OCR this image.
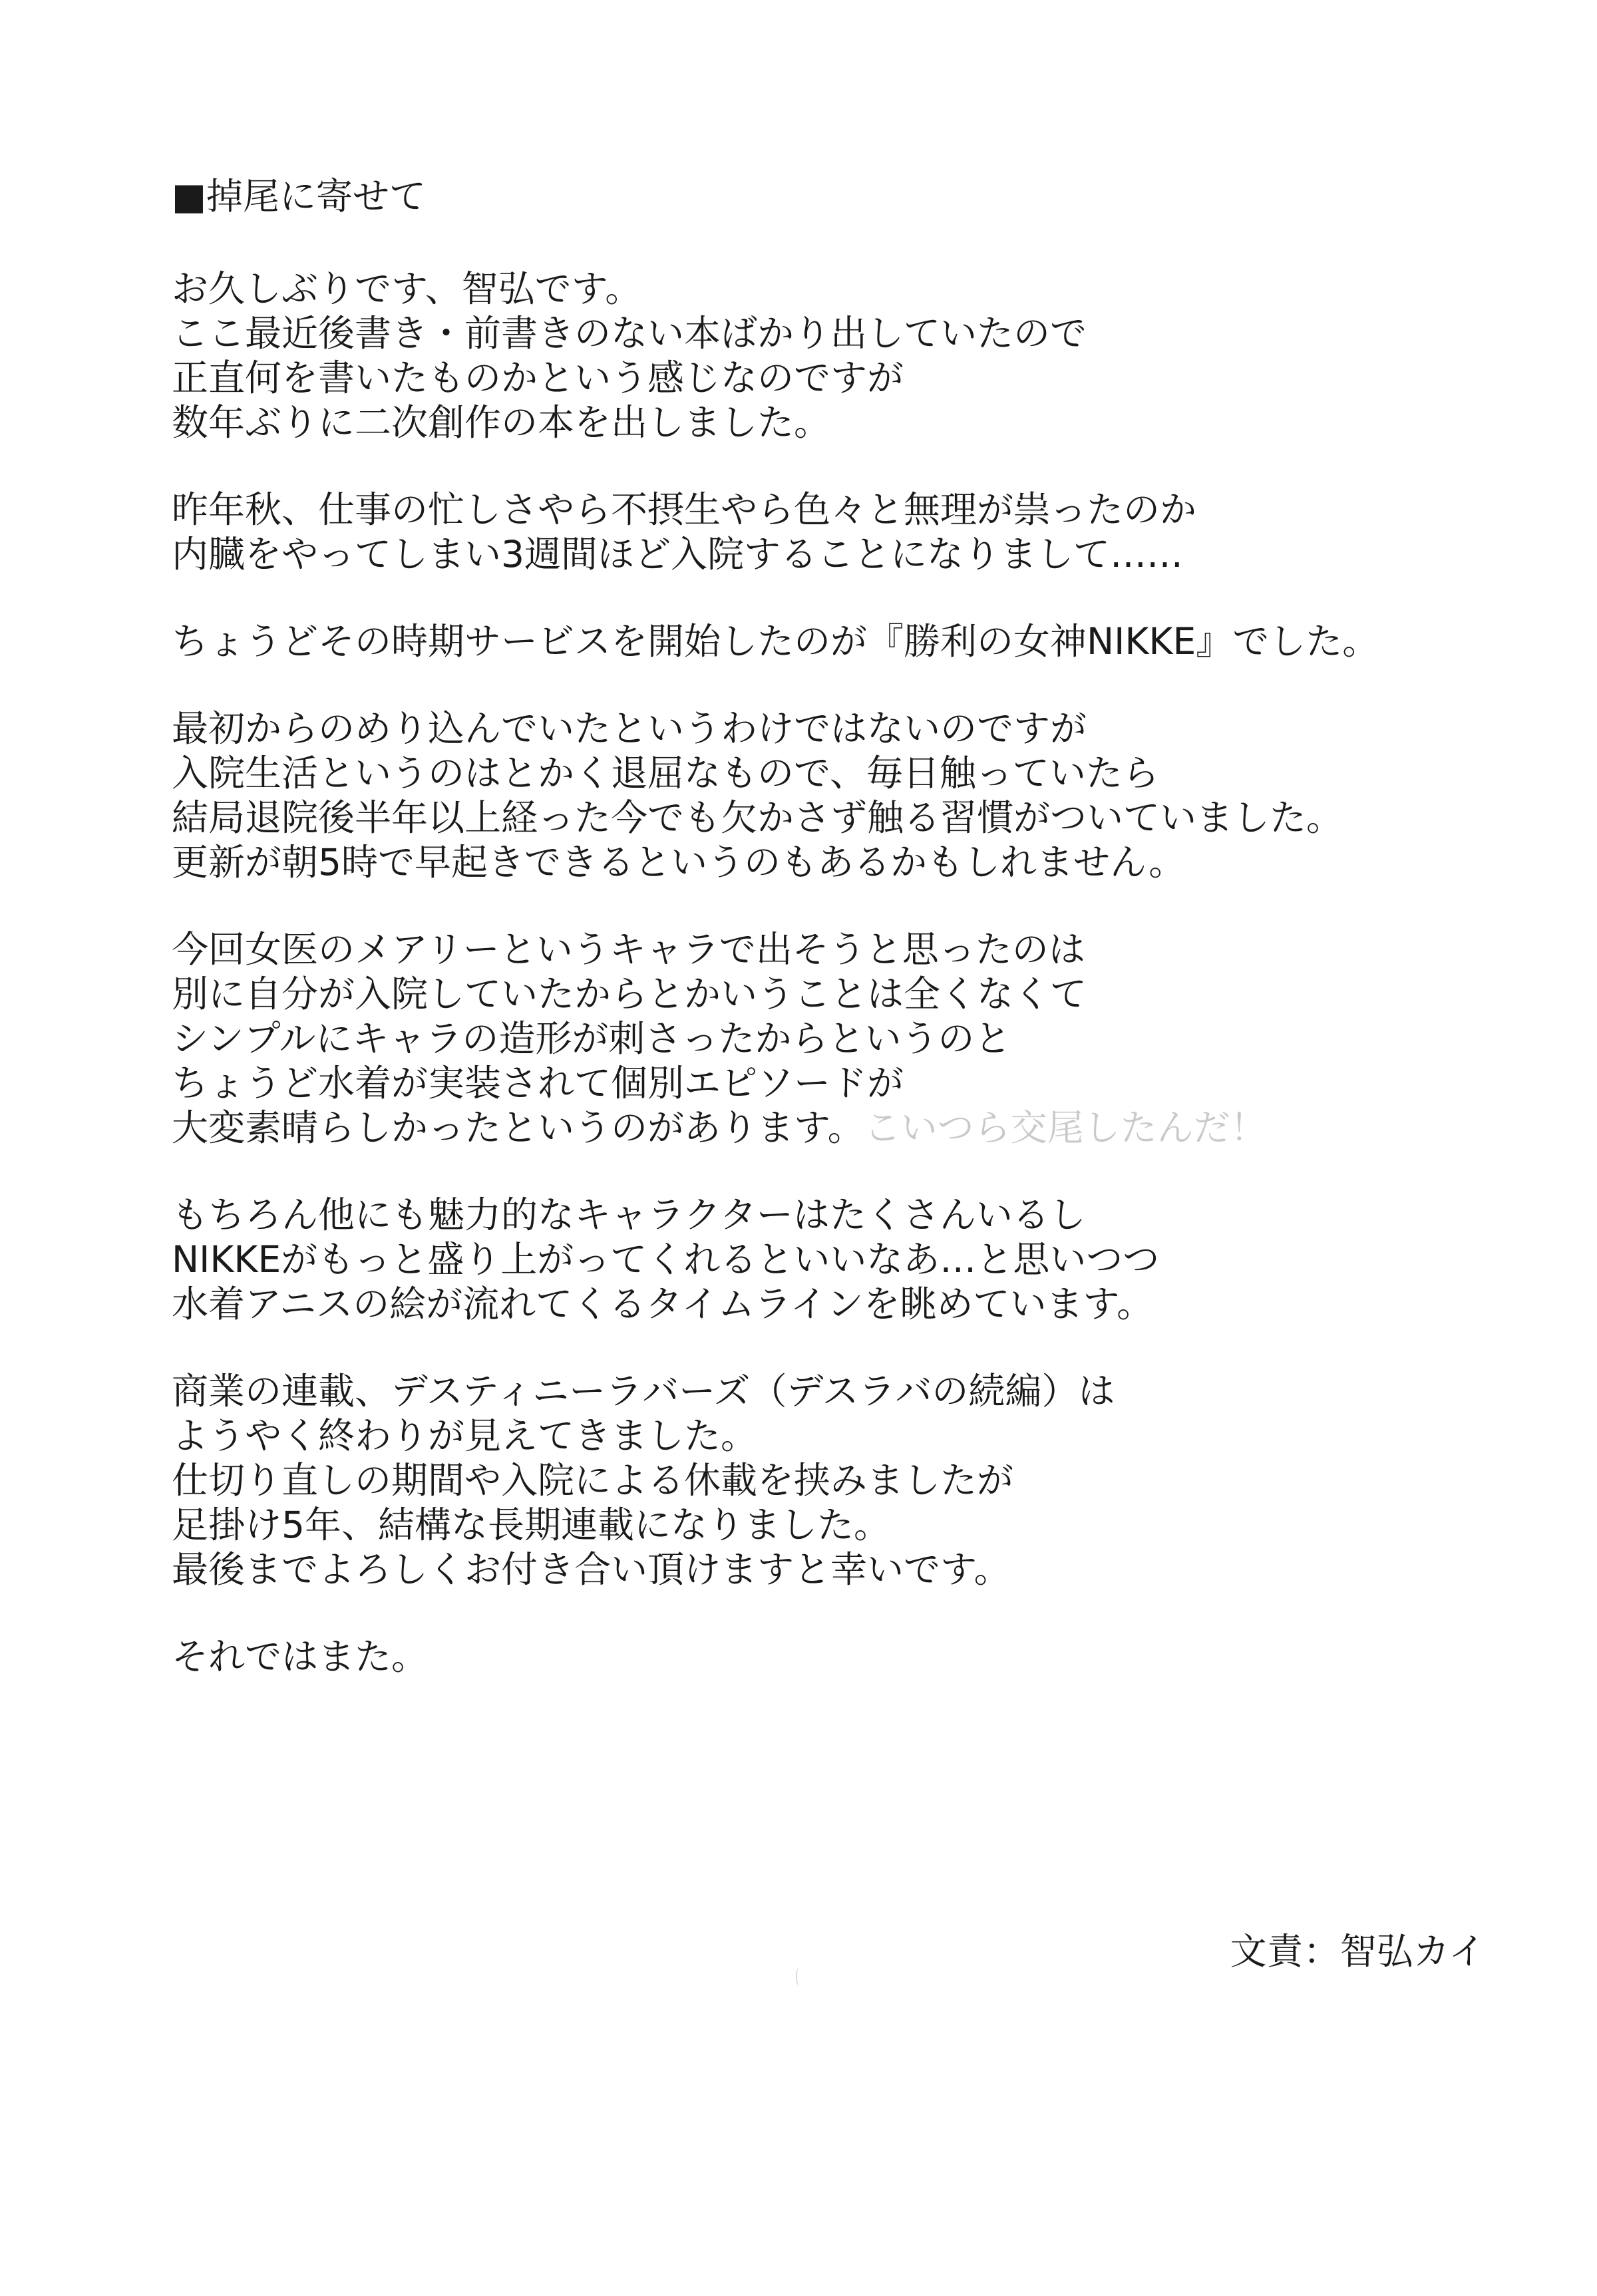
■掉尾に寄せて
お久しぶりです、智弘です。
ここ最近後書き・前書きのない本ばかり出していたので
正直何を書いたものかという感じなのですが
数年ぶりに二次創作の本を出しました。
昨年秋、仕事の忙しさやら不摂生やら色々と無理が祟ったのか
内臓をやってしまい3週間ほど入院することになりまして……
ちょうどその時期サービスを開始したのが『勝利の女神NIKKE』でした。
最初からのめり込んでいたというわけではないのですが
入院生活というのはとかく退屈なもので、毎日触っていたら
結局退院後半年以上経った今でも欠かさず触る習慣がついていました。
更新が朝5時で早起きできるというのもあるかもしれません。
今回女医のメアリーというキャラで出そうと思ったのは
別に自分が入院していたからとかいうことは全くなくて
シンプルにキャラの造形が刺さったからというのと
ちょうど水着が実装されて個別エピソードが
大変素晴らしかったというのがあります。こいつら交尾したんだ！
もちろん他にも魅力的なキャラクターはたくさんいるし
NIKKEがもっと盛り上がってくれるといいなあ…と思いつつ
水着アニスの絵が流れてくるタイムラインを眺めています。
商業の連載、デスティニーラバーズ（デスラバの続編）は
ようやく終わりが見えてきました。
仕切り直しの期間や入院による休載を挟みましたが
足掛け5年、結構な長期連載になりました。
最後までよろしくお付き合い頂けますと幸いです。
それではまた。
文責：智弘カイ
